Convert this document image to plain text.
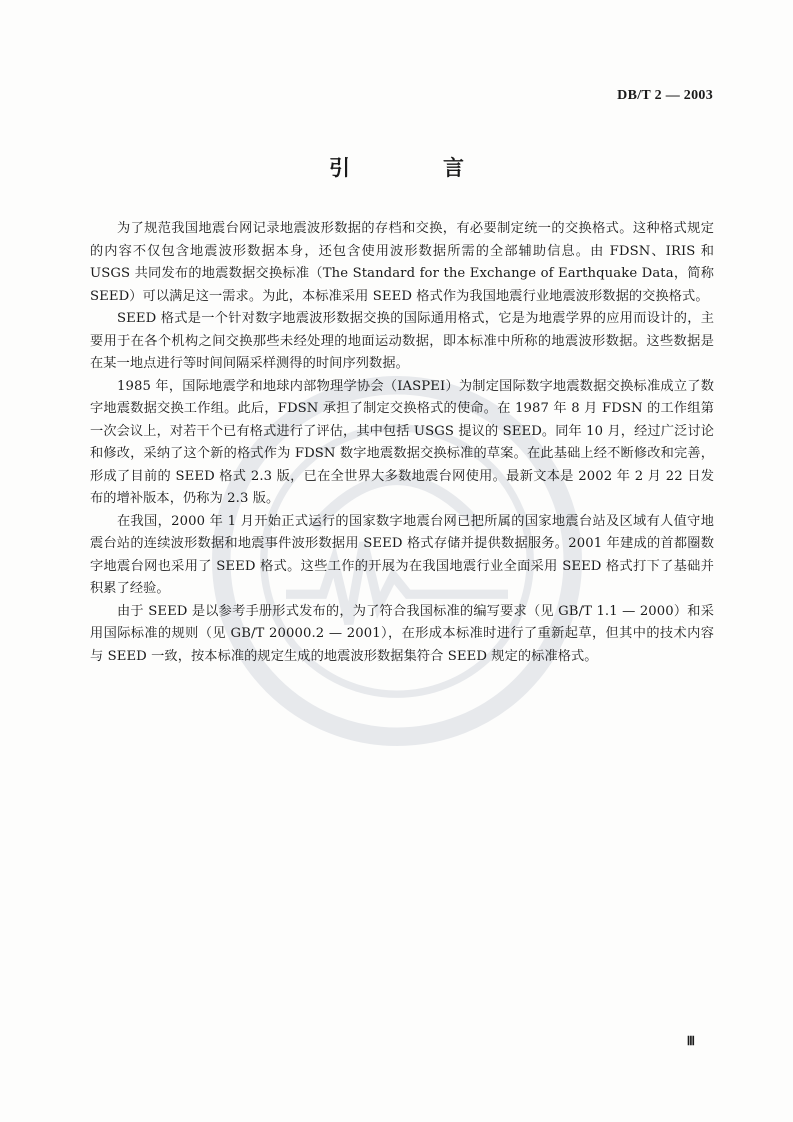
DB/T 2 — 2003
引　言

为了规范我国地震台网记录地震波形数据的存档和交换，有必要制定统一的交换格式。这种格式规定的内容不仅包含地震波形数据本身，还包含使用波形数据所需的全部辅助信息。由 FDSN、IRIS 和 USGS 共同发布的地震数据交换标准（The Standard for the Exchange of Earthquake Data，简称 SEED）可以满足这一需求。为此，本标准采用 SEED 格式作为我国地震行业地震波形数据的交换格式。

SEED 格式是一个针对数字地震波形数据交换的国际通用格式，它是为地震学界的应用而设计的，主要用于在各个机构之间交换那些未经处理的地面运动数据，即本标准中所称的地震波形数据。这些数据是在某一地点进行等时间间隔采样测得的时间序列数据。

1985 年，国际地震学和地球内部物理学协会（IASPEI）为制定国际数字地震数据交换标准成立了数字地震数据交换工作组。此后，FDSN 承担了制定交换格式的使命。在 1987 年 8 月 FDSN 的工作组第一次会议上，对若干个已有格式进行了评估，其中包括 USGS 提议的 SEED。同年 10 月，经过广泛讨论和修改，采纳了这个新的格式作为 FDSN 数字地震数据交换标准的草案。在此基础上经不断修改和完善，形成了目前的 SEED 格式 2.3 版，已在全世界大多数地震台网使用。最新文本是 2002 年 2 月 22 日发布的增补版本，仍称为 2.3 版。

在我国，2000 年 1 月开始正式运行的国家数字地震台网已把所属的国家地震台站及区域有人值守地震台站的连续波形数据和地震事件波形数据用 SEED 格式存储并提供数据服务。2001 年建成的首都圈数字地震台网也采用了 SEED 格式。这些工作的开展为在我国地震行业全面采用 SEED 格式打下了基础并积累了经验。

由于 SEED 是以参考手册形式发布的，为了符合我国标准的编写要求（见 GB/T 1.1 — 2000）和采用国际标准的规则（见 GB/T 20000.2 — 2001），在形成本标准时进行了重新起草，但其中的技术内容与 SEED 一致，按本标准的规定生成的地震波形数据集符合 SEED 规定的标准格式。

Ⅲ
